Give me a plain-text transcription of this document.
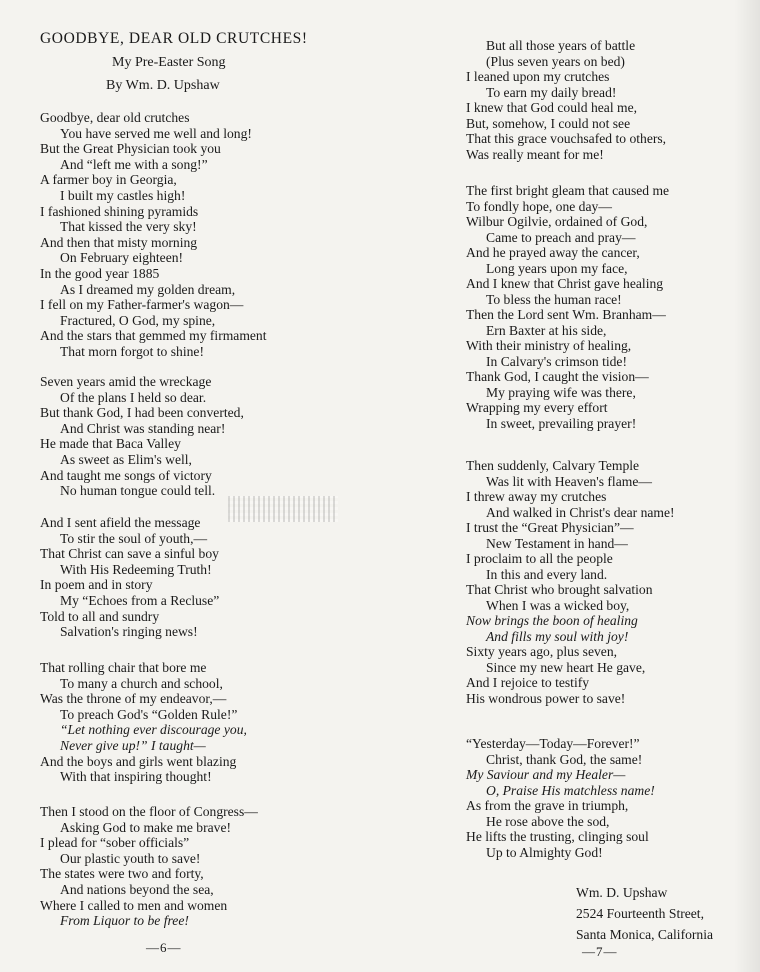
GOODBYE, DEAR OLD CRUTCHES!
My Pre-Easter Song
By Wm. D. Upshaw
Goodbye, dear old crutches
You have served me well and long!
But the Great Physician took you
And “left me with a song!”
A farmer boy in Georgia,
I built my castles high!
I fashioned shining pyramids
That kissed the very sky!
And then that misty morning
On February eighteen!
In the good year 1885
As I dreamed my golden dream,
I fell on my Father-farmer's wagon—
Fractured, O God, my spine,
And the stars that gemmed my firmament
That morn forgot to shine!
Seven years amid the wreckage
Of the plans I held so dear.
But thank God, I had been converted,
And Christ was standing near!
He made that Baca Valley
As sweet as Elim's well,
And taught me songs of victory
No human tongue could tell.
And I sent afield the message
To stir the soul of youth,—
That Christ can save a sinful boy
With His Redeeming Truth!
In poem and in story
My “Echoes from a Recluse”
Told to all and sundry
Salvation's ringing news!
That rolling chair that bore me
To many a church and school,
Was the throne of my endeavor,—
To preach God's “Golden Rule!”
“Let nothing ever discourage you,
Never give up!” I taught—
And the boys and girls went blazing
With that inspiring thought!
Then I stood on the floor of Congress—
Asking God to make me brave!
I plead for “sober officials”
Our plastic youth to save!
The states were two and forty,
And nations beyond the sea,
Where I called to men and women
From Liquor to be free!
But all those years of battle
(Plus seven years on bed)
I leaned upon my crutches
To earn my daily bread!
I knew that God could heal me,
But, somehow, I could not see
That this grace vouchsafed to others,
Was really meant for me!
The first bright gleam that caused me
To fondly hope, one day—
Wilbur Ogilvie, ordained of God,
Came to preach and pray—
And he prayed away the cancer,
Long years upon my face,
And I knew that Christ gave healing
To bless the human race!
Then the Lord sent Wm. Branham—
Ern Baxter at his side,
With their ministry of healing,
In Calvary's crimson tide!
Thank God, I caught the vision—
My praying wife was there,
Wrapping my every effort
In sweet, prevailing prayer!
Then suddenly, Calvary Temple
Was lit with Heaven's flame—
I threw away my crutches
And walked in Christ's dear name!
I trust the “Great Physician”—
New Testament in hand—
I proclaim to all the people
In this and every land.
That Christ who brought salvation
When I was a wicked boy,
Now brings the boon of healing
And fills my soul with joy!
Sixty years ago, plus seven,
Since my new heart He gave,
And I rejoice to testify
His wondrous power to save!
“Yesterday—Today—Forever!”
Christ, thank God, the same!
My Saviour and my Healer—
O, Praise His matchless name!
As from the grave in triumph,
He rose above the sod,
He lifts the trusting, clinging soul
Up to Almighty God!
Wm. D. Upshaw
2524 Fourteenth Street,
Santa Monica, California
—6—	—7—
